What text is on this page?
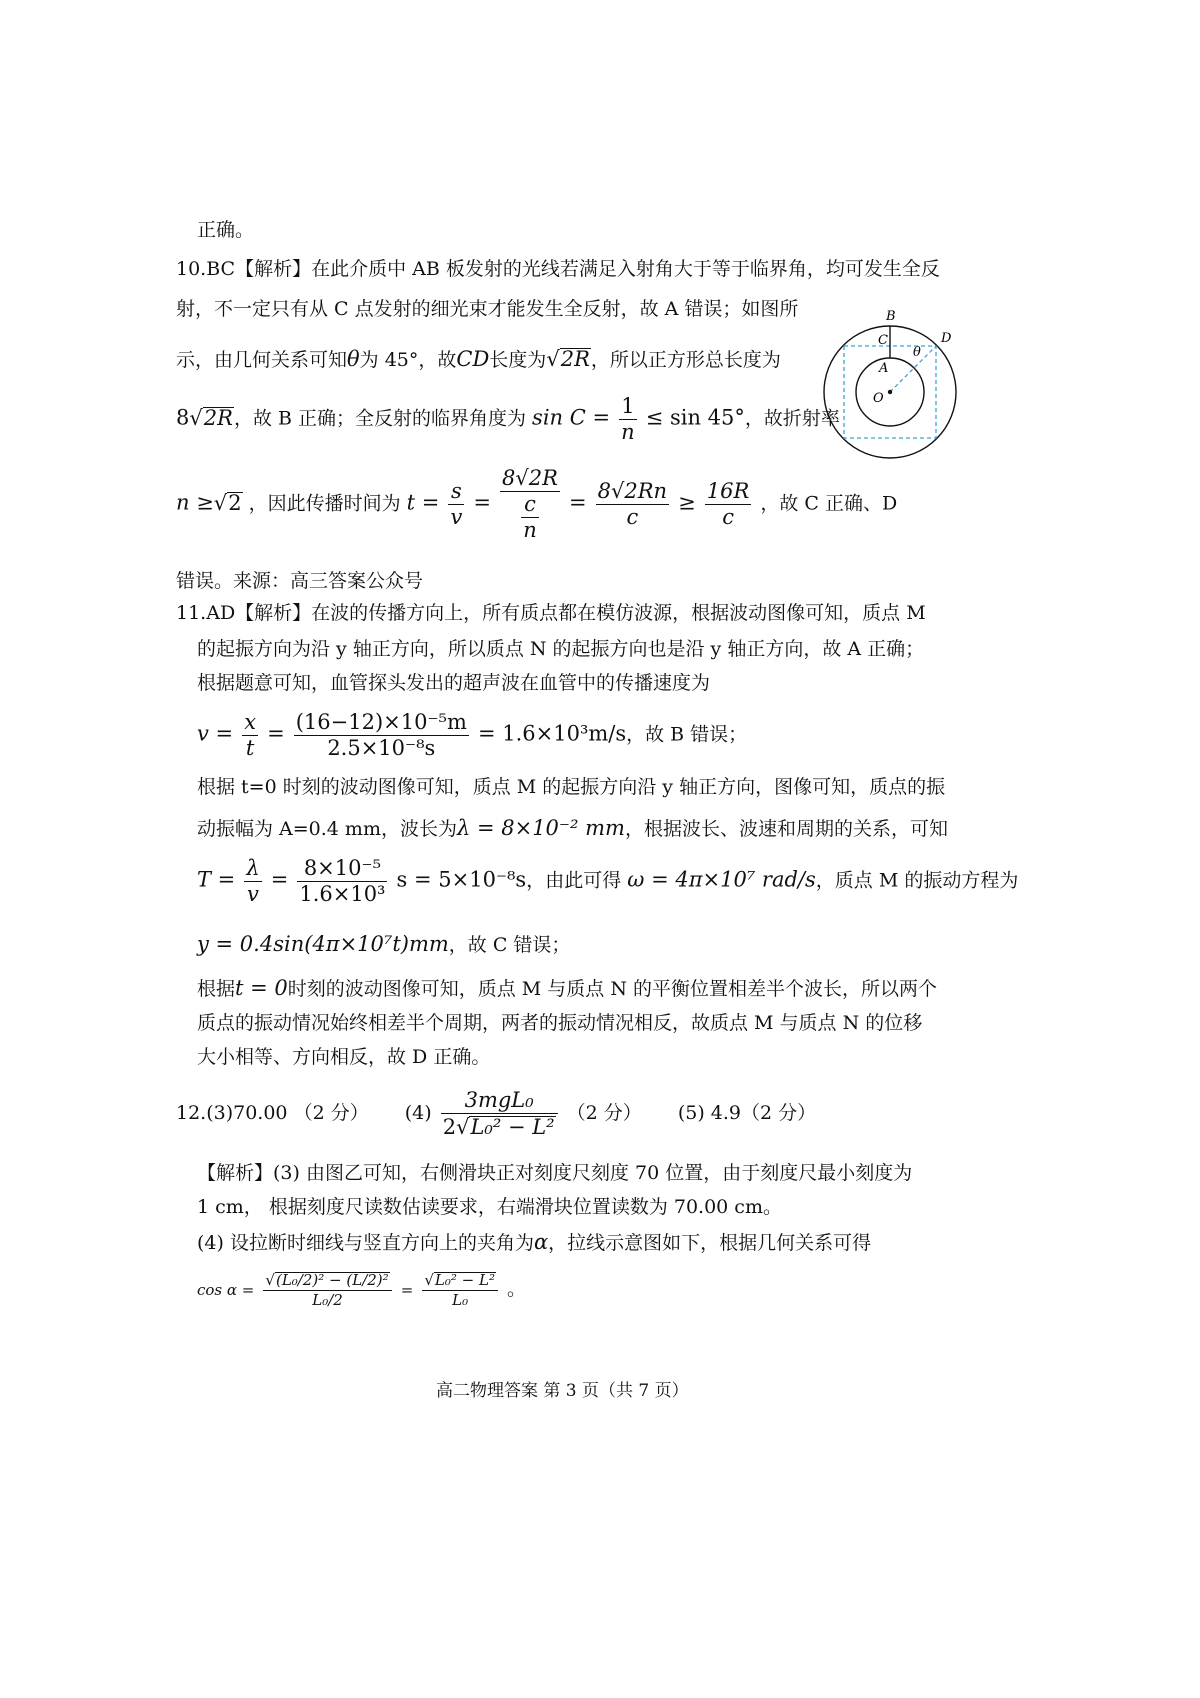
正确。
10.BC【解析】在此介质中 AB 板发射的光线若满足入射角大于等于临界角，均可发生全反
射，不一定只有从 C 点发射的细光束才能发生全反射，故 A 错误；如图所
示，由几何关系可知θ为 45°，故CD长度为√2R，所以正方形总长度为
8√2R，故 B 正确；全反射的临界角度为 $\sin C = \frac{1}{n} \le \sin 45^\circ$，故折射率
n ≥√2 ，因此传播时间为 $t = \frac{s}{v} = \frac{8√2R}{\frac{c}{n}} = \frac{8√2Rn}{c} \ge \frac{16R}{c}$ ，故 C 正确、D
错误。来源：高三答案公众号
B
C	D
A
O
θ
11.AD【解析】在波的传播方向上，所有质点都在模仿波源，根据波动图像可知，质点 M
的起振方向为沿 y 轴正方向，所以质点 N 的起振方向也是沿 y 轴正方向，故 A 正确；
根据题意可知，血管探头发出的超声波在血管中的传播速度为
$v = \frac{x}{t} = \frac{\text{(16−12)×10⁻⁵m}}{\text{2.5×10⁻⁸s}} = 1.6\times 10^3m/s$，故 B 错误；
根据 t=0 时刻的波动图像可知，质点 M 的起振方向沿 y 轴正方向，图像可知，质点的振
动振幅为 A=0.4 mm，波长为λ = 8×10⁻² mm，根据波长、波速和周期的关系，可知
$T = \frac{\lambda}{v} = \frac{\text{8×10⁻⁵}}{\text{1.6×10³}}$ s = 5×10⁻⁸s，由此可得 ω = 4π×10⁷ rad/s，质点 M 的振动方程为
y = 0.4sin(4π×10⁷t)mm，故 C 错误；
根据t = 0时刻的波动图像可知，质点 M 与质点 N 的平衡位置相差半个波长，所以两个
质点的振动情况始终相差半个周期，两者的振动情况相反，故质点 M 与质点 N 的位移
大小相等、方向相反，故 D 正确。
12.(3)70.00 （2 分） $(4) \frac{\text{3mgL₀}}{\text{2√L₀² − L²}} (2$ 分） (5) 4.9（2 分）
【解析】(3) 由图乙可知，右侧滑块正对刻度尺刻度 70 位置，由于刻度尺最小刻度为
1 cm， 根据刻度尺读数估读要求，右端滑块位置读数为 70.00 cm。
(4) 设拉断时细线与竖直方向上的夹角为α，拉线示意图如下，根据几何关系可得
$\cos \alpha = \frac{\text{√(L₀/2)² − (L/2)²}}{\text{L₀/2}} = \frac{\text{√L₀² − L²}}{\text{L₀}}$ 。
高二物理答案 第 3 页（共 7 页）
